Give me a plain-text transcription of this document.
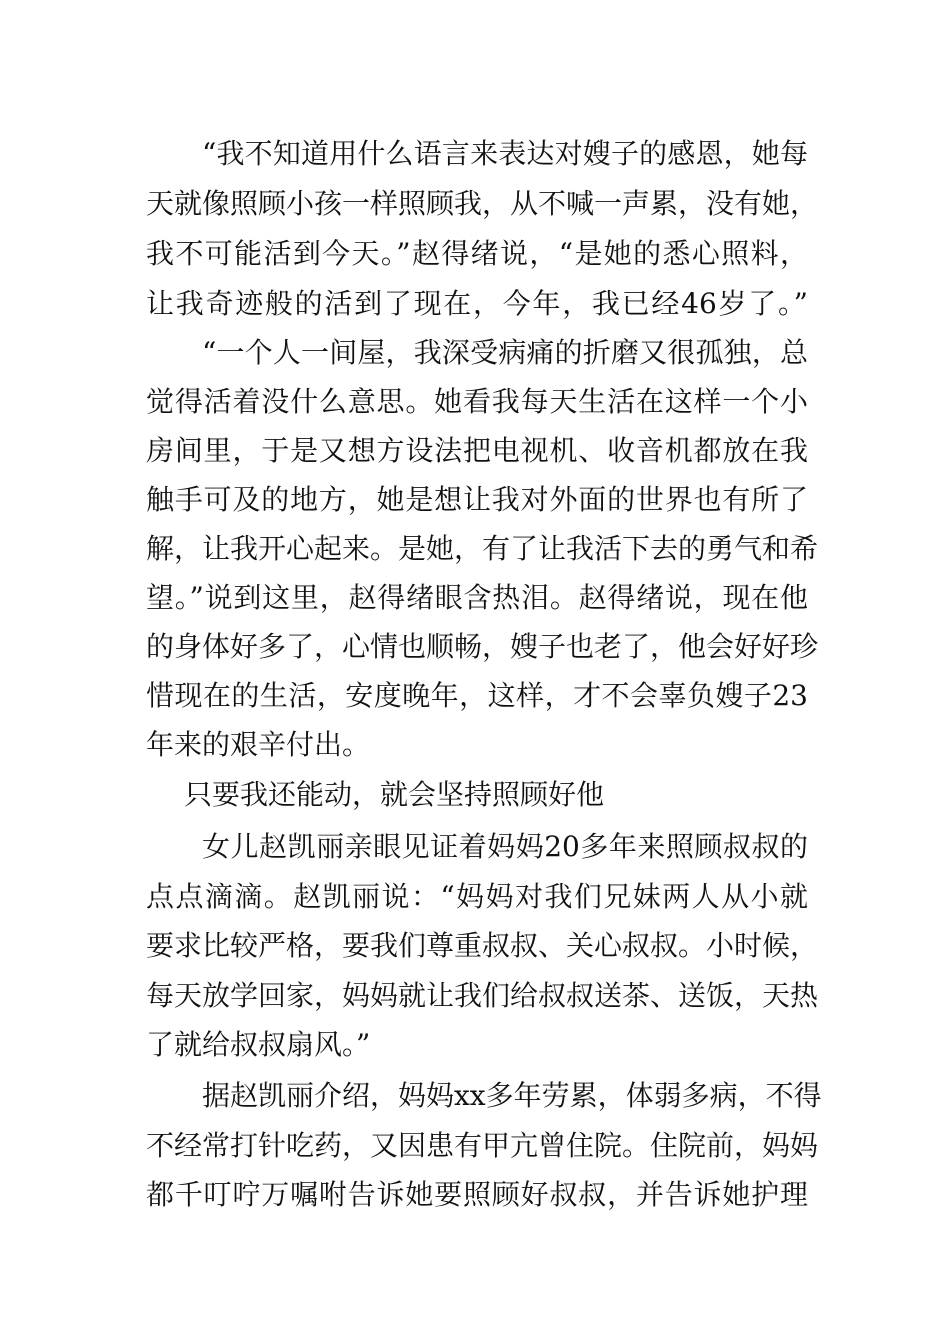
“我不知道用什么语言来表达对嫂子的感恩，她每
天就像照顾小孩一样照顾我，从不喊一声累，没有她，
我不可能活到今天。”赵得绪说，“是她的悉心照料，
让我奇迹般的活到了现在，今年，我已经46岁了。”
“一个人一间屋，我深受病痛的折磨又很孤独，总
觉得活着没什么意思。她看我每天生活在这样一个小
房间里，于是又想方设法把电视机、收音机都放在我
触手可及的地方，她是想让我对外面的世界也有所了
解，让我开心起来。是她，有了让我活下去的勇气和希
望。”说到这里，赵得绪眼含热泪。赵得绪说，现在他
的身体好多了，心情也顺畅，嫂子也老了，他会好好珍
惜现在的生活，安度晚年，这样，才不会辜负嫂子23
年来的艰辛付出。
只要我还能动，就会坚持照顾好他
女儿赵凯丽亲眼见证着妈妈20多年来照顾叔叔的
点点滴滴。赵凯丽说：“妈妈对我们兄妹两人从小就
要求比较严格，要我们尊重叔叔、关心叔叔。小时候，
每天放学回家，妈妈就让我们给叔叔送茶、送饭，天热
了就给叔叔扇风。”
据赵凯丽介绍，妈妈xx多年劳累，体弱多病，不得
不经常打针吃药，又因患有甲亢曾住院。住院前，妈妈
都千叮咛万嘱咐告诉她要照顾好叔叔，并告诉她护理
